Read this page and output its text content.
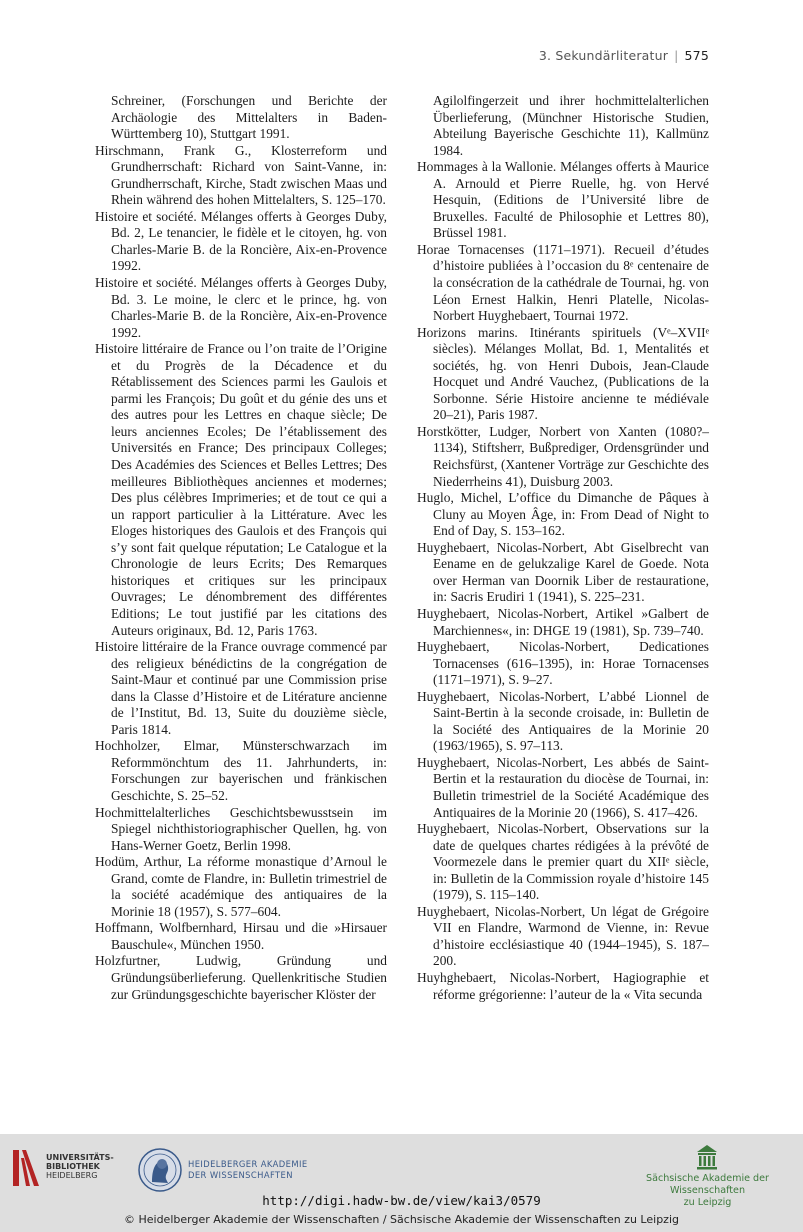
3. Sekundärliteratur | 575

Schreiner, (Forschungen und Berichte der Archäologie des Mittelalters in Baden-Württemberg 10), Stuttgart 1991.

Hirschmann, Frank G., Klosterreform und Grundherrschaft: Richard von Saint-Vanne, in: Grundherrschaft, Kirche, Stadt zwischen Maas und Rhein während des hohen Mittelalters, S. 125–170.

Histoire et société. Mélanges offerts à Georges Duby, Bd. 2, Le tenancier, le fidèle et le citoyen, hg. von Charles-Marie B. de la Roncière, Aix-en-Provence 1992.

Histoire et société. Mélanges offerts à Georges Duby, Bd. 3. Le moine, le clerc et le prince, hg. von Charles-Marie B. de la Roncière, Aix-en-Provence 1992.

Histoire littéraire de France ou l’on traite de l’Origine et du Progrès de la Décadence et du Rétablissement des Sciences parmi les Gaulois et parmi les François; Du goût et du génie des uns et des autres pour les Lettres en chaque siècle; De leurs anciennes Ecoles; De l’établissement des Universités en France; Des principaux Colleges; Des Académies des Sciences et Belles Lettres; Des meilleures Bibliothèques anciennes et modernes; Des plus célèbres Imprimeries; et de tout ce qui a un rapport particulier à la Littérature. Avec les Eloges historiques des Gaulois et des François qui s’y sont fait quelque réputation; Le Catalogue et la Chronologie de leurs Ecrits; Des Remarques historiques et critiques sur les principaux Ouvrages; Le dénombrement des différentes Editions; Le tout justifié par les citations des Auteurs originaux, Bd. 12, Paris 1763.

Histoire littéraire de la France ouvrage commencé par des religieux bénédictins de la congrégation de Saint-Maur et continué par une Commission prise dans la Classe d’Histoire et de Litérature ancienne de l’Institut, Bd. 13, Suite du douzième siècle, Paris 1814.

Hochholzer, Elmar, Münsterschwarzach im Reformmönchtum des 11. Jahrhunderts, in: Forschungen zur bayerischen und fränkischen Geschichte, S. 25–52.

Hochmittelalterliches Geschichtsbewusstsein im Spiegel nichthistoriographischer Quellen, hg. von Hans-Werner Goetz, Berlin 1998.

Hodüm, Arthur, La réforme monastique d’Arnoul le Grand, comte de Flandre, in: Bulletin trimestriel de la société académique des antiquaires de la Morinie 18 (1957), S. 577–604.

Hoffmann, Wolfbernhard, Hirsau und die »Hirsauer Bauschule«, München 1950.

Holzfurtner, Ludwig, Gründung und Gründungsüberlieferung. Quellenkritische Studien zur Gründungsgeschichte bayerischer Klöster der

Agilolfingerzeit und ihrer hochmittelalterlichen Überlieferung, (Münchner Historische Studien, Abteilung Bayerische Geschichte 11), Kallmünz 1984.

Hommages à la Wallonie. Mélanges offerts à Maurice A. Arnould et Pierre Ruelle, hg. von Hervé Hesquin, (Editions de l’Université libre de Bruxelles. Faculté de Philosophie et Lettres 80), Brüssel 1981.

Horae Tornacenses (1171–1971). Recueil d’études d’histoire publiées à l’occasion du 8ᵉ centenaire de la consécration de la cathédrale de Tournai, hg. von Léon Ernest Halkin, Henri Platelle, Nicolas-Norbert Huyghebaert, Tournai 1972.

Horizons marins. Itinérants spirituels (Vᵉ–XVIIᵉ siècles). Mélanges Mollat, Bd. 1, Mentalités et sociétés, hg. von Henri Dubois, Jean-Claude Hocquet und André Vauchez, (Publications de la Sorbonne. Série Histoire ancienne te médiévale 20–21), Paris 1987.

Horstkötter, Ludger, Norbert von Xanten (1080?–1134), Stiftsherr, Bußprediger, Ordensgründer und Reichsfürst, (Xantener Vorträge zur Geschichte des Niederrheins 41), Duisburg 2003.

Huglo, Michel, L’office du Dimanche de Pâques à Cluny au Moyen Âge, in: From Dead of Night to End of Day, S. 153–162.

Huyghebaert, Nicolas-Norbert, Abt Giselbrecht van Eename en de gelukzalige Karel de Goede. Nota over Herman van Doornik Liber de restauratione, in: Sacris Erudiri 1 (1941), S. 225–231.

Huyghebaert, Nicolas-Norbert, Artikel »Galbert de Marchiennes«, in: DHGE 19 (1981), Sp. 739–740.

Huyghebaert, Nicolas-Norbert, Dedicationes Tornacenses (616–1395), in: Horae Tornacenses (1171–1971), S. 9–27.

Huyghebaert, Nicolas-Norbert, L’abbé Lionnel de Saint-Bertin à la seconde croisade, in: Bulletin de la Société des Antiquaires de la Morinie 20 (1963/1965), S. 97–113.

Huyghebaert, Nicolas-Norbert, Les abbés de Saint-Bertin et la restauration du diocèse de Tournai, in: Bulletin trimestriel de la Société Académique des Antiquaires de la Morinie 20 (1966), S. 417–426.

Huyghebaert, Nicolas-Norbert, Observations sur la date de quelques chartes rédigées à la prévôté de Voormezele dans le premier quart du XIIᵉ siècle, in: Bulletin de la Commission royale d’histoire 145 (1979), S. 115–140.

Huyghebaert, Nicolas-Norbert, Un légat de Grégoire VII en Flandre, Warmond de Vienne, in: Revue d’histoire ecclésiastique 40 (1944–1945), S. 187–200.

Huyhghebaert, Nicolas-Norbert, Hagiographie et réforme grégorienne: l’auteur de la « Vita secunda

UNIVERSITÄTS-
BIBLIOTHEK
HEIDELBERG
HEIDELBERGER AKADEMIE
DER WISSENSCHAFTEN	Sächsische Akademie der Wissenschaften
zu Leipzig
http://digi.hadw-bw.de/view/kai3/0579
© Heidelberger Akademie der Wissenschaften / Sächsische Akademie der Wissenschaften zu Leipzig
